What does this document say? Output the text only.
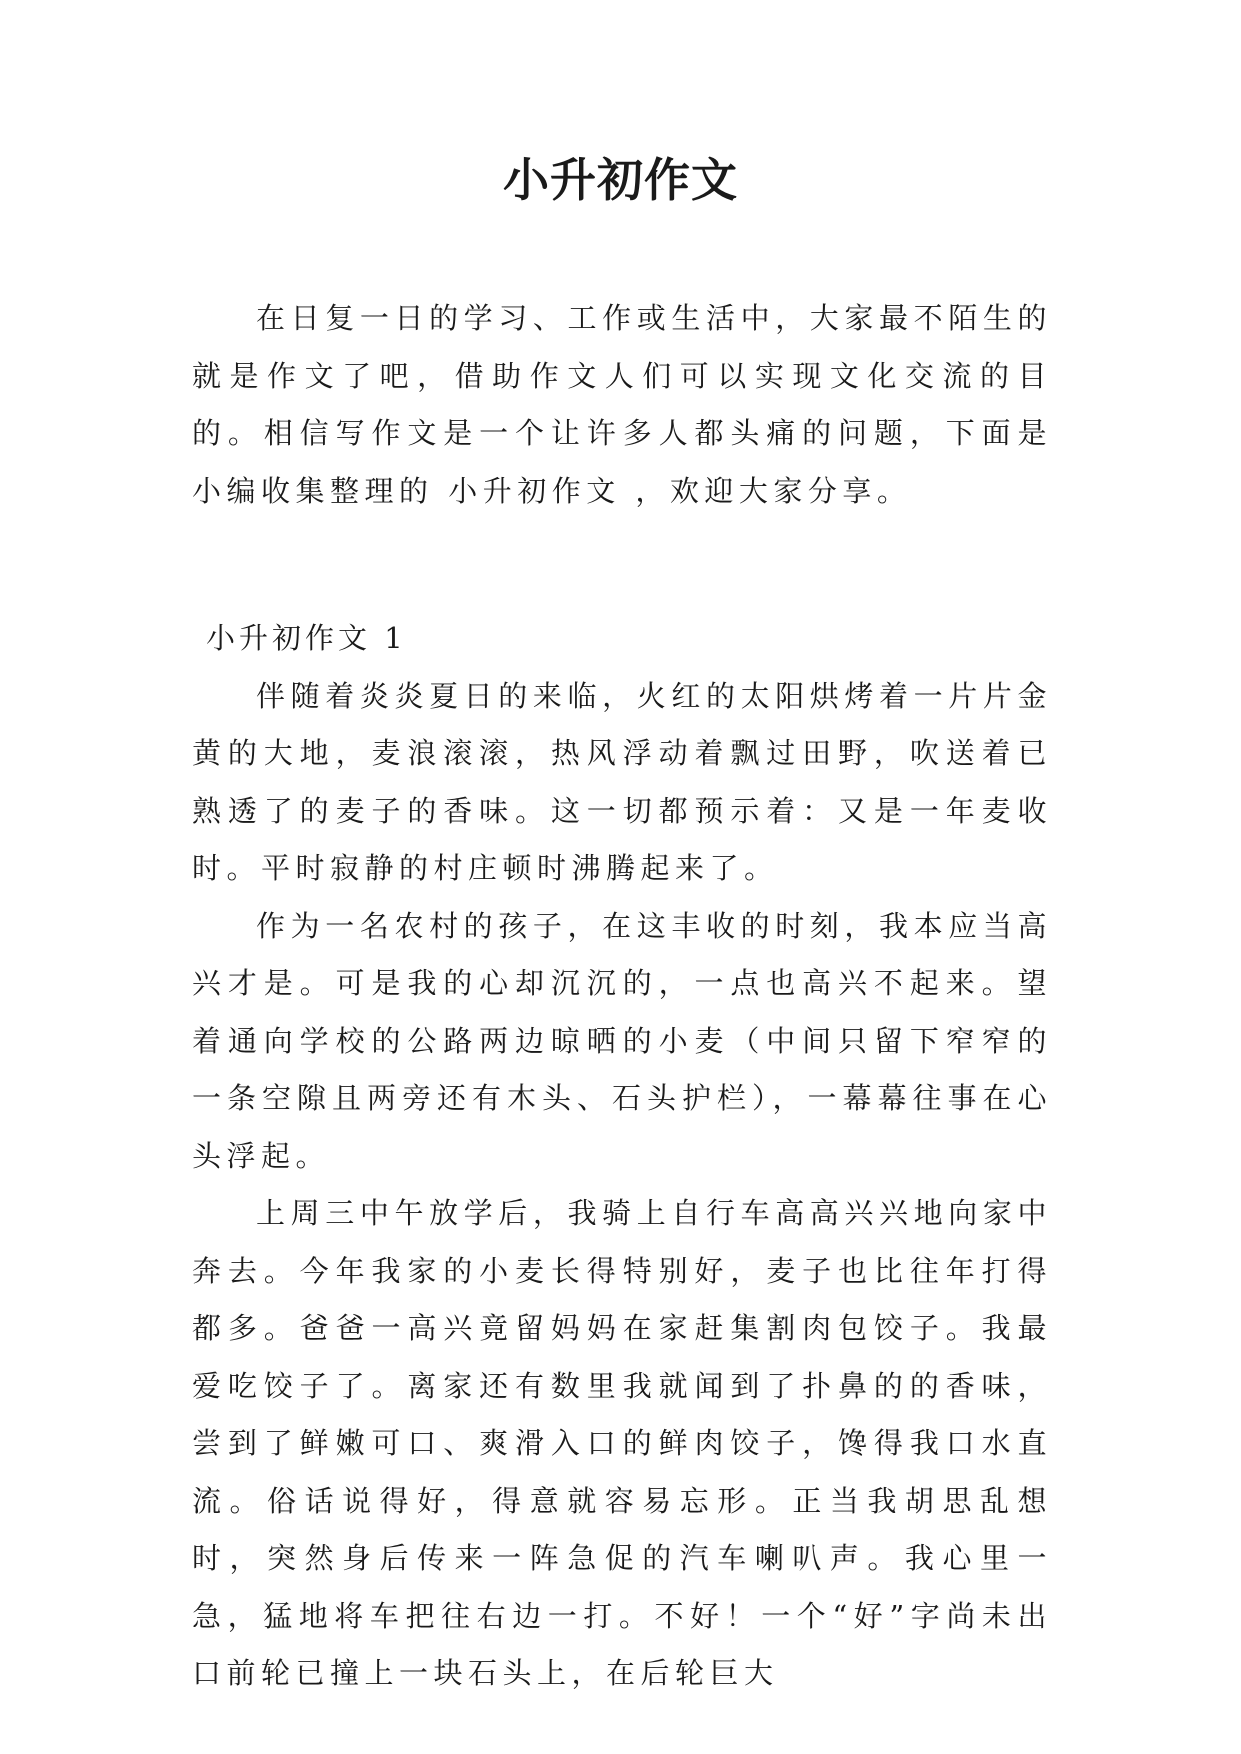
小升初作文

在日复一日的学习、工作或生活中，大家最不陌生的就是作文了吧，借助作文人们可以实现文化交流的目的。相信写作文是一个让许多人都头痛的问题，下面是小编收集整理的 小升初作文 ，欢迎大家分享。

小升初作文 1

伴随着炎炎夏日的来临，火红的太阳烘烤着一片片金黄的大地，麦浪滚滚，热风浮动着飘过田野，吹送着已熟透了的麦子的香味。这一切都预示着：又是一年麦收时。平时寂静的村庄顿时沸腾起来了。

作为一名农村的孩子，在这丰收的时刻，我本应当高兴才是。可是我的心却沉沉的，一点也高兴不起来。望着通向学校的公路两边晾晒的小麦（中间只留下窄窄的一条空隙且两旁还有木头、石头护栏），一幕幕往事在心头浮起。

上周三中午放学后，我骑上自行车高高兴兴地向家中奔去。今年我家的小麦长得特别好，麦子也比往年打得都多。爸爸一高兴竟留妈妈在家赶集割肉包饺子。我最爱吃饺子了。离家还有数里我就闻到了扑鼻的的香味，尝到了鲜嫩可口、爽滑入口的鲜肉饺子，馋得我口水直流。俗话说得好，得意就容易忘形。正当我胡思乱想时，突然身后传来一阵急促的汽车喇叭声。我心里一急，猛地将车把往右边一打。不好！一个“好”字尚未出口前轮已撞上一块石头上，在后轮巨大
